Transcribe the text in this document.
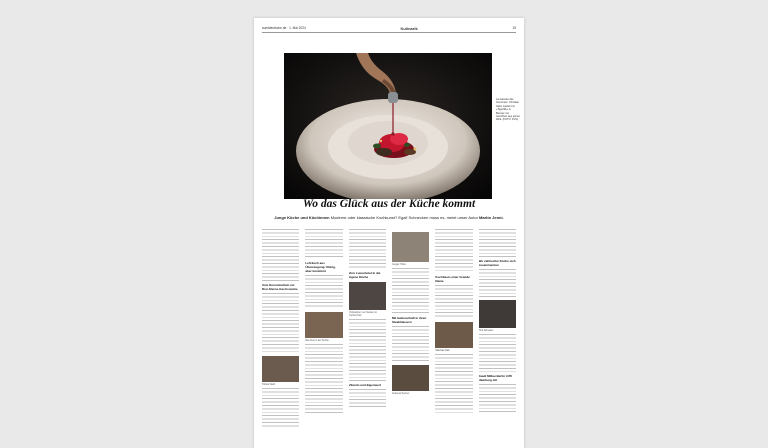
sueddeutsche.de · 1. Mai 2024	Kulinarik	15
La Gazette des Gourmets: Christian Hahn zaubert im «Tigerlilly» in Bernau mit Gerichten aus seiner Welt. (FOTO: ZVG)
Wo das Glück aus der Küche kommt
Junge Köche und Köchinnen Moderne oder klassische Kochkunst? Egal! Schnecken muss es, meint unser Autor Martin Jenni.
Vom Kunststudium zur Drei-Sterne-Gastronomie
Tobias Weiß.
Lehrkoch aus Überzeugung: Ruhig, aber bestimmt
Das Duo in der Küche.
Vom Luxushotel in die eigene Küche
Christopher von Stetten ist Küchenchef.
Vitamin und Eigenwert
Gregor Hofer.
Mit leidenschaft in ihren Steakhäusern
Andreas Sponer.
Kochbasis einer Grande Dame
Matthias Rain.
Wo zahlreiche Köche sich zusammentun
Tina Schuster.
Gault Millau Berlin trifft Hamburg mit
